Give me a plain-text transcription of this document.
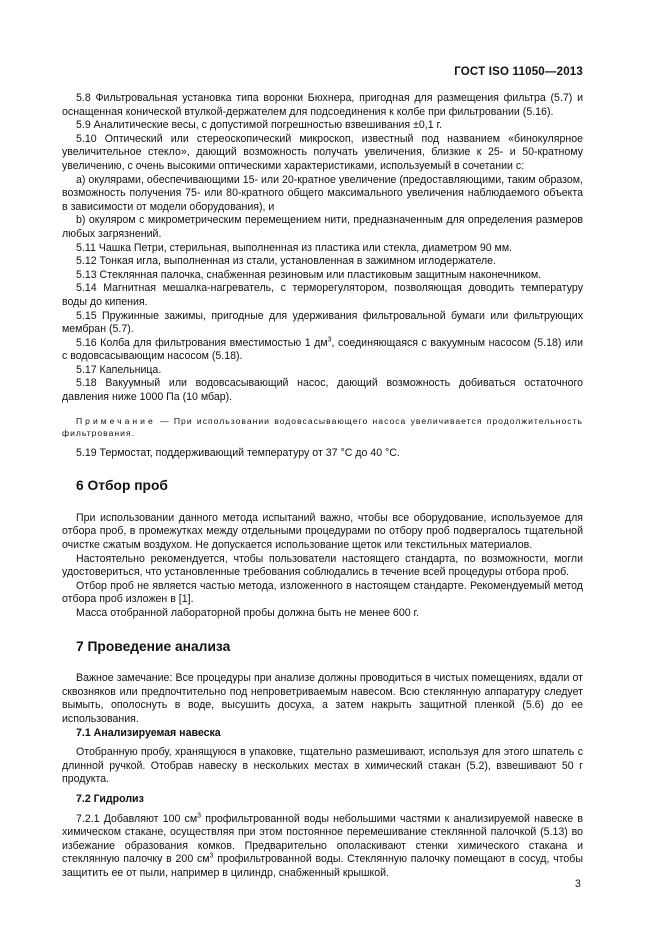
ГОСТ ISO 11050—2013

5.8 Фильтровальная установка типа воронки Бюхнера, пригодная для размещения фильтра (5.7) и оснащенная конической втулкой-держателем для подсоединения к колбе при фильтровании (5.16).

5.9 Аналитические весы, с допустимой погрешностью взвешивания ±0,1 г.

5.10 Оптический или стереоскопический микроскоп, известный под названием «бинокулярное увеличительное стекло», дающий возможность получать увеличения, близкие к 25- и 50-кратному увеличению, с очень высокими оптическими характеристиками, используемый в сочетании с:

a) окулярами, обеспечивающими 15- или 20-кратное увеличение (предоставляющими, таким образом, возможность получения 75- или 80-кратного общего максимального увеличения наблюдаемого объекта в зависимости от модели оборудования), и

b) окуляром с микрометрическим перемещением нити, предназначенным для определения размеров любых загрязнений.

5.11 Чашка Петри, стерильная, выполненная из пластика или стекла, диаметром 90 мм.

5.12 Тонкая игла, выполненная из стали, установленная в зажимном иглодержателе.

5.13 Стеклянная палочка, снабженная резиновым или пластиковым защитным наконечником.

5.14 Магнитная мешалка-нагреватель, с терморегулятором, позволяющая доводить температуру воды до кипения.

5.15 Пружинные зажимы, пригодные для удерживания фильтровальной бумаги или фильтрующих мембран (5.7).

5.16 Колба для фильтрования вместимостью 1 $дм^3$, соединяющаяся с вакуумным насосом (5.18) или с водовсасывающим насосом (5.18).

5.17 Капельница.

5.18 Вакуумный или водовсасывающий насос, дающий возможность добиваться остаточного давления ниже 1000 Па (10 мбар).

Примечание — При использовании водовсасывающего насоса увеличивается продолжительность фильтрования.

5.19 Термостат, поддерживающий температуру от 37 °С до 40 °С.

6 Отбор проб

При использовании данного метода испытаний важно, чтобы все оборудование, используемое для отбора проб, в промежутках между отдельными процедурами по отбору проб подвергалось тщательной очистке сжатым воздухом. Не допускается использование щеток или текстильных материалов.

Настоятельно рекомендуется, чтобы пользователи настоящего стандарта, по возможности, могли удостовериться, что установленные требования соблюдались в течение всей процедуры отбора проб.

Отбор проб не является частью метода, изложенного в настоящем стандарте. Рекомендуемый метод отбора проб изложен в [1].

Масса отобранной лабораторной пробы должна быть не менее 600 г.

7 Проведение анализа

Важное замечание: Все процедуры при анализе должны проводиться в чистых помещениях, вдали от сквозняков или предпочтительно под непроветриваемым навесом. Всю стеклянную аппаратуру следует вымыть, ополоснуть в воде, высушить досуха, а затем накрыть защитной пленкой (5.6) до ее использования.

7.1 Анализируемая навеска

Отобранную пробу, хранящуюся в упаковке, тщательно размешивают, используя для этого шпатель с длинной ручкой. Отобрав навеску в нескольких местах в химический стакан (5.2), взвешивают 50 г продукта.

7.2 Гидролиз

7.2.1 Добавляют 100 $см^3$ профильтрованной воды небольшими частями к анализируемой навеске в химическом стакане, осуществляя при этом постоянное перемешивание стеклянной палочкой (5.13) во избежание образования комков. Предварительно ополаскивают стенки химического стакана и стеклянную палочку в 200 $см^3$ профильтрованной воды. Стеклянную палочку помещают в сосуд, чтобы защитить ее от пыли, например в цилиндр, снабженный крышкой.

3
